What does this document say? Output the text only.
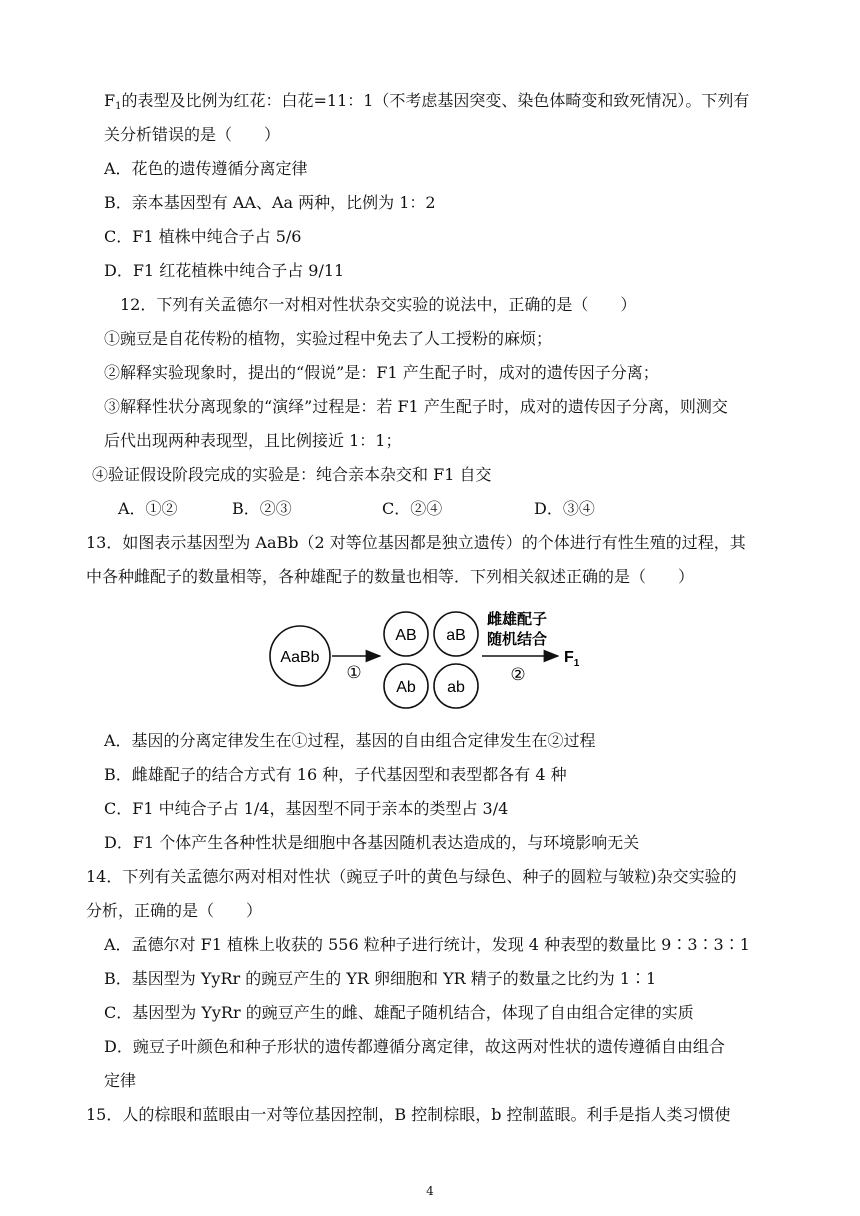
F1的表型及比例为红花：白花=11：1（不考虑基因突变、染色体畸变和致死情况）。下列有
关分析错误的是（　　）
A．花色的遗传遵循分离定律
B．亲本基因型有 AA、Aa 两种，比例为 1：2
C．F1 植株中纯合子占 5/6
D．F1 红花植株中纯合子占 9/11
12．下列有关孟德尔一对相对性状杂交实验的说法中，正确的是（　　）
①豌豆是自花传粉的植物，实验过程中免去了人工授粉的麻烦；
②解释实验现象时，提出的“假说”是：F1 产生配子时，成对的遗传因子分离；
③解释性状分离现象的“演绎”过程是：若 F1 产生配子时，成对的遗传因子分离，则测交
后代出现两种表现型，且比例接近 1：1；
④验证假设阶段完成的实验是：纯合亲本杂交和 F1 自交
A．①②	B．②③	C．②④	D．③④
13．如图表示基因型为 AaBb（2 对等位基因都是独立遗传）的个体进行有性生殖的过程，其
中各种雌配子的数量相等，各种雄配子的数量也相等．下列相关叙述正确的是（　　）
AaBb
①
AB aB
Ab ab
雌雄配子
随机结合
②
$F_1$
A．基因的分离定律发生在①过程，基因的自由组合定律发生在②过程
B．雌雄配子的结合方式有 16 种，子代基因型和表型都各有 4 种
C．F1 中纯合子占 1/4，基因型不同于亲本的类型占 3/4
D．F1 个体产生各种性状是细胞中各基因随机表达造成的，与环境影响无关
14．下列有关孟德尔两对相对性状（豌豆子叶的黄色与绿色、种子的圆粒与皱粒)杂交实验的
分析，正确的是（　　）
A．孟德尔对 F1 植株上收获的 556 粒种子进行统计，发现 4 种表型的数量比 9∶3∶3∶1
B．基因型为 YyRr 的豌豆产生的 YR 卵细胞和 YR 精子的数量之比约为 1∶1
C．基因型为 YyRr 的豌豆产生的雌、雄配子随机结合，体现了自由组合定律的实质
D．豌豆子叶颜色和种子形状的遗传都遵循分离定律，故这两对性状的遗传遵循自由组合
定律
15．人的棕眼和蓝眼由一对等位基因控制，B 控制棕眼，b 控制蓝眼。利手是指人类习惯使
4
